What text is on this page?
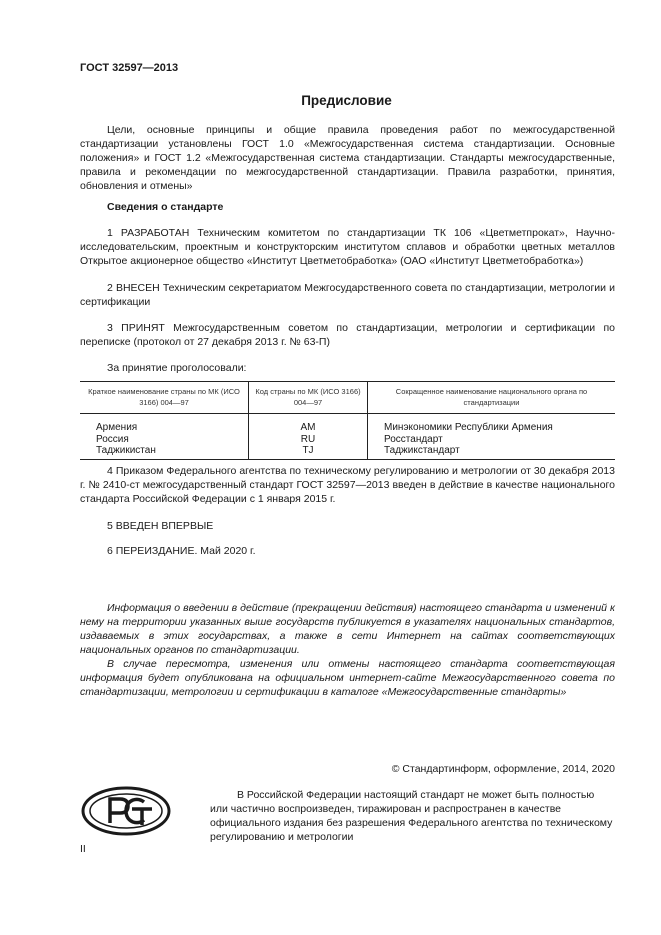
ГОСТ 32597—2013
Предисловие
Цели, основные принципы и общие правила проведения работ по межгосударственной стандартизации установлены ГОСТ 1.0 «Межгосударственная система стандартизации. Основные положения» и ГОСТ 1.2 «Межгосударственная система стандартизации. Стандарты межгосударственные, правила и рекомендации по межгосударственной стандартизации. Правила разработки, принятия, обновления и отмены»
Сведения о стандарте
1 РАЗРАБОТАН Техническим комитетом по стандартизации ТК 106 «Цветметпрокат», Научно-исследовательским, проектным и конструкторским институтом сплавов и обработки цветных металлов Открытое акционерное общество «Институт Цветметобработка» (ОАО «Институт Цветметобработка»)
2 ВНЕСЕН Техническим секретариатом Межгосударственного совета по стандартизации, метрологии и сертификации
3 ПРИНЯТ Межгосударственным советом по стандартизации, метрологии и сертификации по переписке (протокол от 27 декабря 2013 г. № 63-П)
За принятие проголосовали:
Краткое наименование страны по МК (ИСО 3166) 004—97	Код страны по МК (ИСО 3166) 004—97	Сокращенное наименование национального органа по стандартизации
Армения	AM	Минэкономики Республики Армения
Россия	RU	Росстандарт
Таджикистан	TJ	Таджикстандарт
4 Приказом Федерального агентства по техническому регулированию и метрологии от 30 декабря 2013 г. № 2410-ст межгосударственный стандарт ГОСТ 32597—2013 введен в действие в качестве национального стандарта Российской Федерации с 1 января 2015 г.
5 ВВЕДЕН ВПЕРВЫЕ
6 ПЕРЕИЗДАНИЕ. Май 2020 г.
Информация о введении в действие (прекращении действия) настоящего стандарта и изменений к нему на территории указанных выше государств публикуется в указателях национальных стандартов, издаваемых в этих государствах, а также в сети Интернет на сайтах соответствующих национальных органов по стандартизации.
В случае пересмотра, изменения или отмены настоящего стандарта соответствующая информация будет опубликована на официальном интернет-сайте Межгосударственного совета по стандартизации, метрологии и сертификации в каталоге «Межгосударственные стандарты»
© Стандартинформ, оформление, 2014, 2020
В Российской Федерации настоящий стандарт не может быть полностью или частично воспроизведен, тиражирован и распространен в качестве официального издания без разрешения Федерального агентства по техническому регулированию и метрологии
II
